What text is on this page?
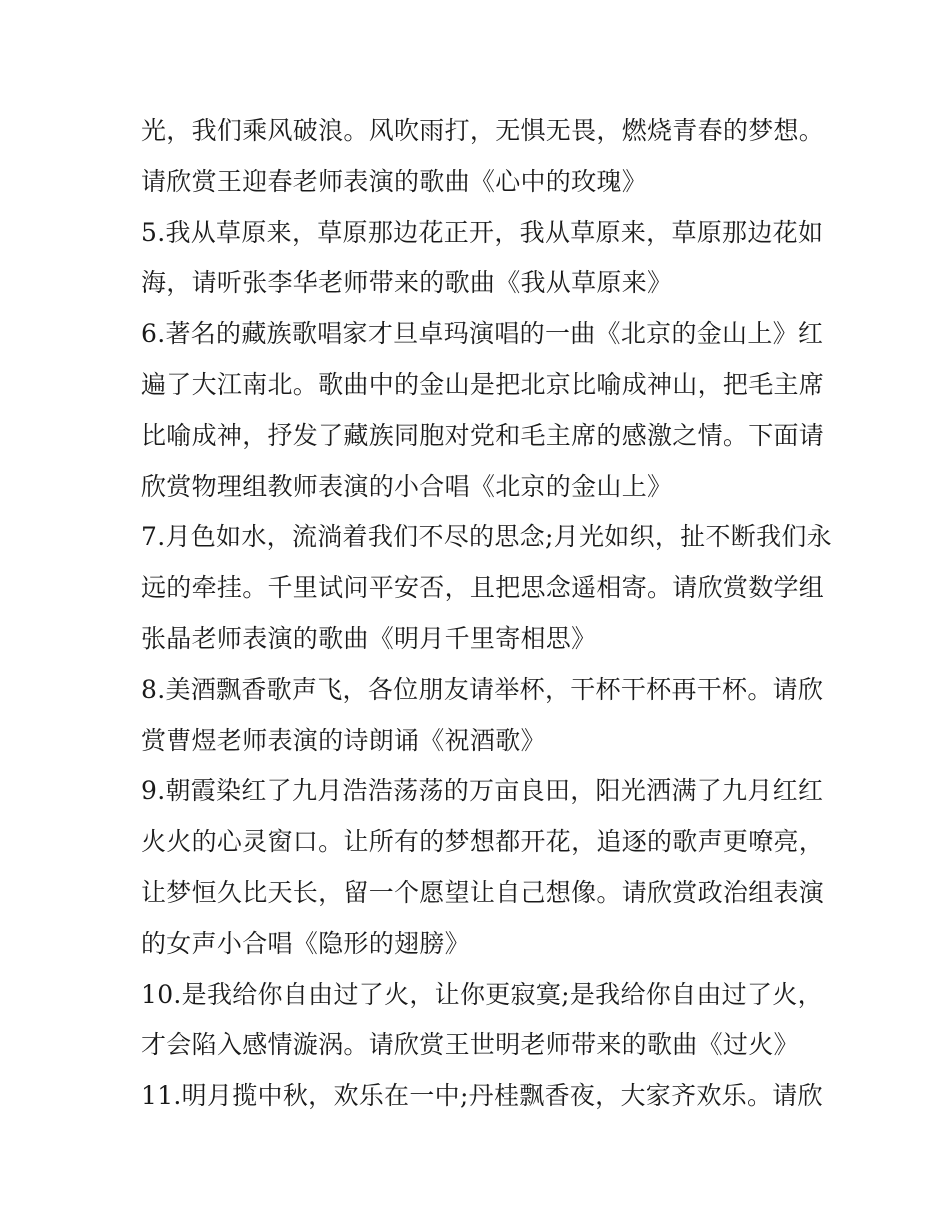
光，我们乘风破浪。风吹雨打，无惧无畏，燃烧青春的梦想。
请欣赏王迎春老师表演的歌曲《心中的玫瑰》
5.我从草原来，草原那边花正开，我从草原来，草原那边花如
海，请听张李华老师带来的歌曲《我从草原来》
6.著名的藏族歌唱家才旦卓玛演唱的一曲《北京的金山上》红
遍了大江南北。歌曲中的金山是把北京比喻成神山，把毛主席
比喻成神，抒发了藏族同胞对党和毛主席的感激之情。下面请
欣赏物理组教师表演的小合唱《北京的金山上》
7.月色如水，流淌着我们不尽的思念;月光如织，扯不断我们永
远的牵挂。千里试问平安否，且把思念遥相寄。请欣赏数学组
张晶老师表演的歌曲《明月千里寄相思》
8.美酒飘香歌声飞，各位朋友请举杯，干杯干杯再干杯。请欣
赏曹煜老师表演的诗朗诵《祝酒歌》
9.朝霞染红了九月浩浩荡荡的万亩良田，阳光洒满了九月红红
火火的心灵窗口。让所有的梦想都开花，追逐的歌声更嘹亮，
让梦恒久比天长，留一个愿望让自己想像。请欣赏政治组表演
的女声小合唱《隐形的翅膀》
10.是我给你自由过了火，让你更寂寞;是我给你自由过了火，
才会陷入感情漩涡。请欣赏王世明老师带来的歌曲《过火》
11.明月揽中秋，欢乐在一中;丹桂飘香夜，大家齐欢乐。请欣
